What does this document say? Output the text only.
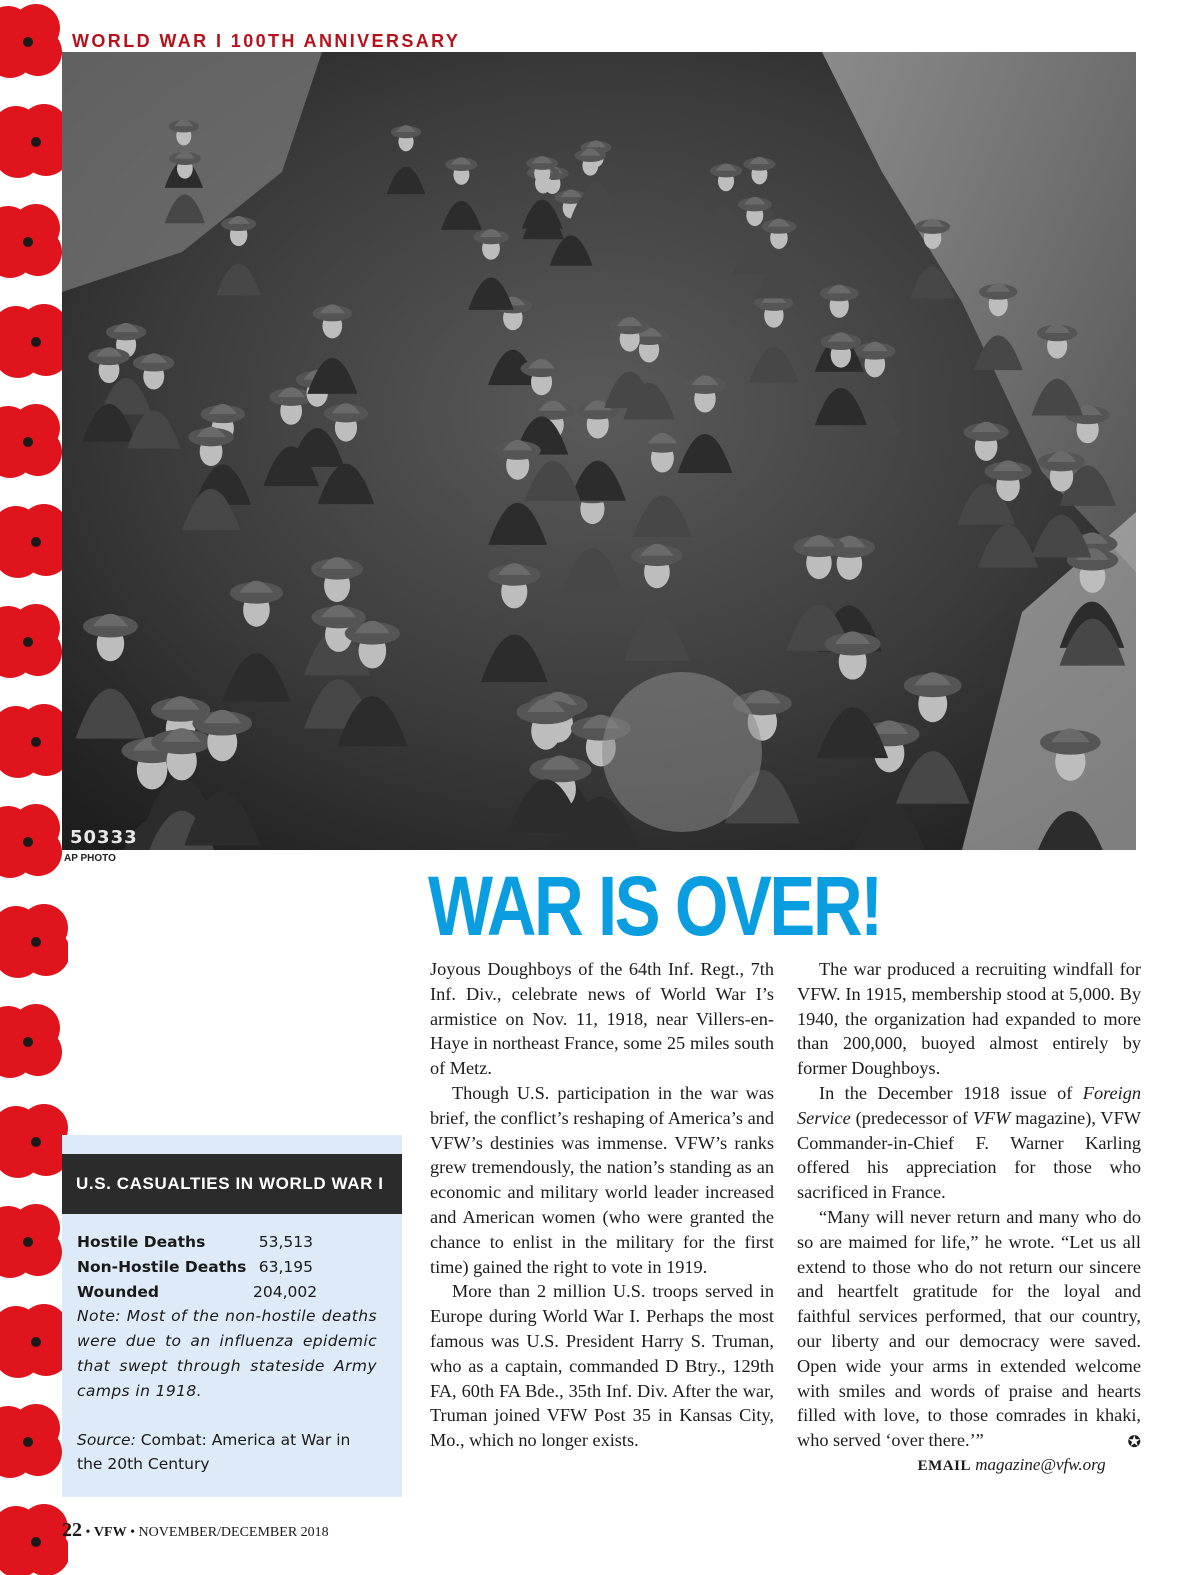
WORLD WAR I 100TH ANNIVERSARY
50333
AP PHOTO
WAR IS OVER!

Joyous Doughboys of the 64th Inf. Regt., 7th Inf. Div., celebrate news of World War I’s armistice on Nov. 11, 1918, near Villers-en-Haye in northeast France, some 25 miles south of Metz.

Though U.S. participation in the war was brief, the conflict’s reshaping of America’s and VFW’s destinies was immense. VFW’s ranks grew tremendously, the nation’s standing as an economic and military world leader increased and American women (who were granted the chance to enlist in the military for the first time) gained the right to vote in 1919.

More than 2 million U.S. troops served in Europe during World War I. Perhaps the most famous was U.S. President Harry S. Truman, who as a captain, commanded D Btry., 129th FA, 60th FA Bde., 35th Inf. Div. After the war, Truman joined VFW Post 35 in Kansas City, Mo., which no longer exists.

The war produced a recruiting windfall for VFW. In 1915, membership stood at 5,000. By 1940, the organization had expanded to more than 200,000, buoyed almost entirely by former Doughboys.

In the December 1918 issue of Foreign Service (predecessor of VFW magazine), VFW Commander-in-Chief F. Warner Karling offered his appreciation for those who sacrificed in France.

“Many will never return and many who do so are maimed for life,” he wrote. “Let us all extend to those who do not return our sincere and heartfelt gratitude for the loyal and faithful services performed, that our country, our liberty and our democracy were saved. Open wide your arms in extended welcome with smiles and words of praise and hearts filled with love, to those comrades in khaki, who served ‘over there.’”	✪

EMAIL magazine@vfw.org
U.S. CASUALTIES IN WORLD WAR I
Hostile Deaths	53,513
Non-Hostile Deaths 63,195
Wounded	204,002
Note: Most of the non-hostile deaths were due to an influenza epidemic that swept through stateside Army camps in 1918.
Source: Combat: America at War in the 20th Century
22 • VFW • NOVEMBER/DECEMBER 2018
